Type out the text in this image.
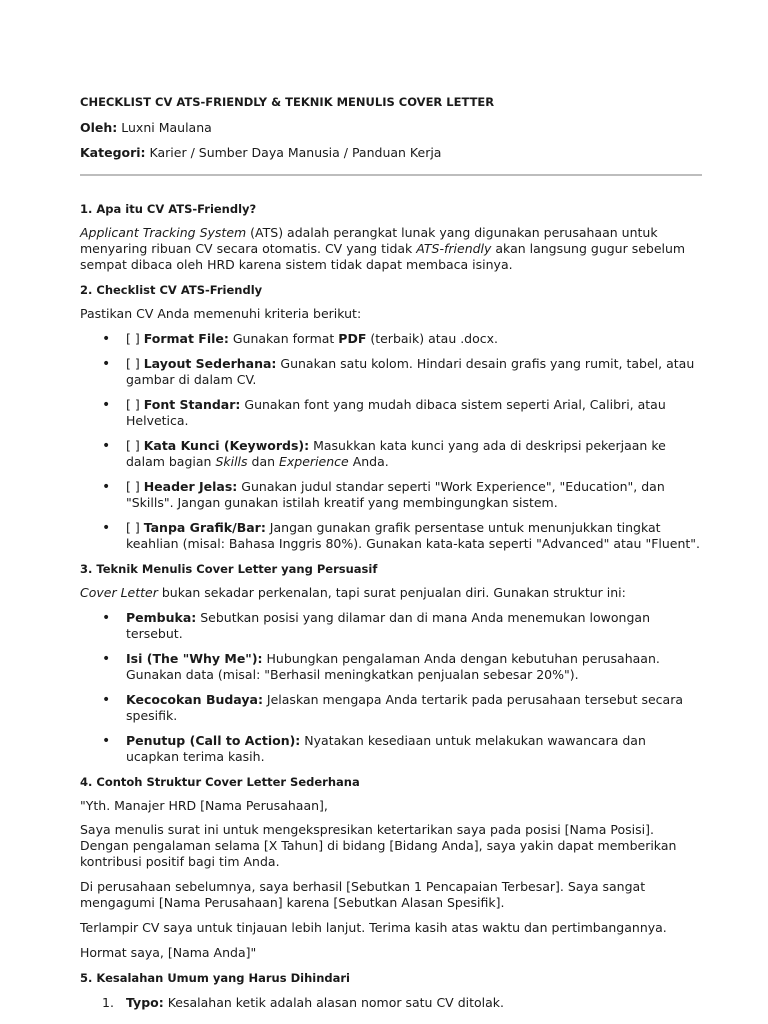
CHECKLIST CV ATS-FRIENDLY & TEKNIK MENULIS COVER LETTER

Oleh: Luxni Maulana

Kategori: Karier / Sumber Daya Manusia / Panduan Kerja

1. Apa itu CV ATS-Friendly?

Applicant Tracking System (ATS) adalah perangkat lunak yang digunakan perusahaan untuk menyaring ribuan CV secara otomatis. CV yang tidak ATS-friendly akan langsung gugur sebelum sempat dibaca oleh HRD karena sistem tidak dapat membaca isinya.

2. Checklist CV ATS-Friendly

Pastikan CV Anda memenuhi kriteria berikut:

• [ ] Format File: Gunakan format PDF (terbaik) atau .docx.
• [ ] Layout Sederhana: Gunakan satu kolom. Hindari desain grafis yang rumit, tabel, atau gambar di dalam CV.
• [ ] Font Standar: Gunakan font yang mudah dibaca sistem seperti Arial, Calibri, atau Helvetica.
• [ ] Kata Kunci (Keywords): Masukkan kata kunci yang ada di deskripsi pekerjaan ke dalam bagian Skills dan Experience Anda.
• [ ] Header Jelas: Gunakan judul standar seperti "Work Experience", "Education", dan "Skills". Jangan gunakan istilah kreatif yang membingungkan sistem.
• [ ] Tanpa Grafik/Bar: Jangan gunakan grafik persentase untuk menunjukkan tingkat keahlian (misal: Bahasa Inggris 80%). Gunakan kata-kata seperti "Advanced" atau "Fluent".

3. Teknik Menulis Cover Letter yang Persuasif

Cover Letter bukan sekadar perkenalan, tapi surat penjualan diri. Gunakan struktur ini:

• Pembuka: Sebutkan posisi yang dilamar dan di mana Anda menemukan lowongan tersebut.
• Isi (The "Why Me"): Hubungkan pengalaman Anda dengan kebutuhan perusahaan. Gunakan data (misal: "Berhasil meningkatkan penjualan sebesar 20%").
• Kecocokan Budaya: Jelaskan mengapa Anda tertarik pada perusahaan tersebut secara spesifik.
• Penutup (Call to Action): Nyatakan kesediaan untuk melakukan wawancara dan ucapkan terima kasih.

4. Contoh Struktur Cover Letter Sederhana

"Yth. Manajer HRD [Nama Perusahaan],

Saya menulis surat ini untuk mengekspresikan ketertarikan saya pada posisi [Nama Posisi]. Dengan pengalaman selama [X Tahun] di bidang [Bidang Anda], saya yakin dapat memberikan kontribusi positif bagi tim Anda.

Di perusahaan sebelumnya, saya berhasil [Sebutkan 1 Pencapaian Terbesar]. Saya sangat mengagumi [Nama Perusahaan] karena [Sebutkan Alasan Spesifik].

Terlampir CV saya untuk tinjauan lebih lanjut. Terima kasih atas waktu dan pertimbangannya.

Hormat saya, [Nama Anda]"

5. Kesalahan Umum yang Harus Dihindari

1. Typo: Kesalahan ketik adalah alasan nomor satu CV ditolak.
